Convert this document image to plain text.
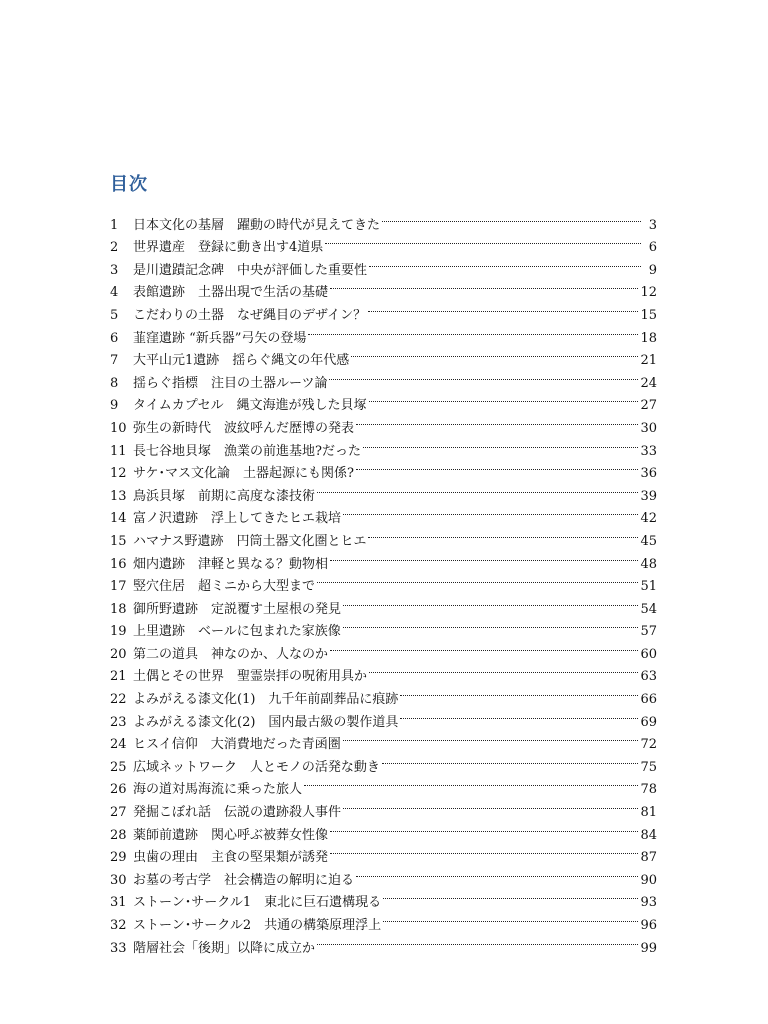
目次
1	日本文化の基層　躍動の時代が見えてきた	3
2	世界遺産　登録に動き出す4道県	6
3	是川遺蹟記念碑　中央が評価した重要性	9
4	表館遺跡　土器出現で生活の基礎	12
5	こだわりの土器　なぜ縄目のデザイン？	15
6	韮窪遺跡 “新兵器”弓矢の登場	18
7	大平山元1遺跡　揺らぐ縄文の年代感	21
8	揺らぐ指標　注目の土器ルーツ論	24
9	タイムカプセル　縄文海進が残した貝塚	27
10 弥生の新時代　波紋呼んだ歴博の発表	30
11 長七谷地貝塚　漁業の前進基地?だった	33
12 サケ･マス文化論　土器起源にも関係?	36
13 鳥浜貝塚　前期に高度な漆技術	39
14 富ノ沢遺跡　浮上してきたヒエ栽培	42
15 ハマナス野遺跡　円筒土器文化圏とヒエ	45
16 畑内遺跡　津軽と異なる？動物相	48
17 竪穴住居　超ミニから大型まで	51
18 御所野遺跡　定説覆す土屋根の発見	54
19 上里遺跡　ベールに包まれた家族像	57
20 第二の道具　神なのか、人なのか	60
21 土偶とその世界　聖霊崇拝の呪術用具か	63
22 よみがえる漆文化(1)　九千年前副葬品に痕跡	66
23 よみがえる漆文化(2)　国内最古級の製作道具	69
24 ヒスイ信仰　大消費地だった青函圏	72
25 広域ネットワーク　人とモノの活発な動き	75
26 海の道対馬海流に乗った旅人	78
27 発掘こぼれ話　伝説の遺跡殺人事件	81
28 薬師前遺跡　関心呼ぶ被葬女性像	84
29 虫歯の理由　主食の堅果類が誘発	87
30 お墓の考古学　社会構造の解明に迫る	90
31 ストーン･サークル1　東北に巨石遺構現る	93
32 ストーン･サークル2　共通の構築原理浮上	96
33 階層社会「後期」以降に成立か	99
